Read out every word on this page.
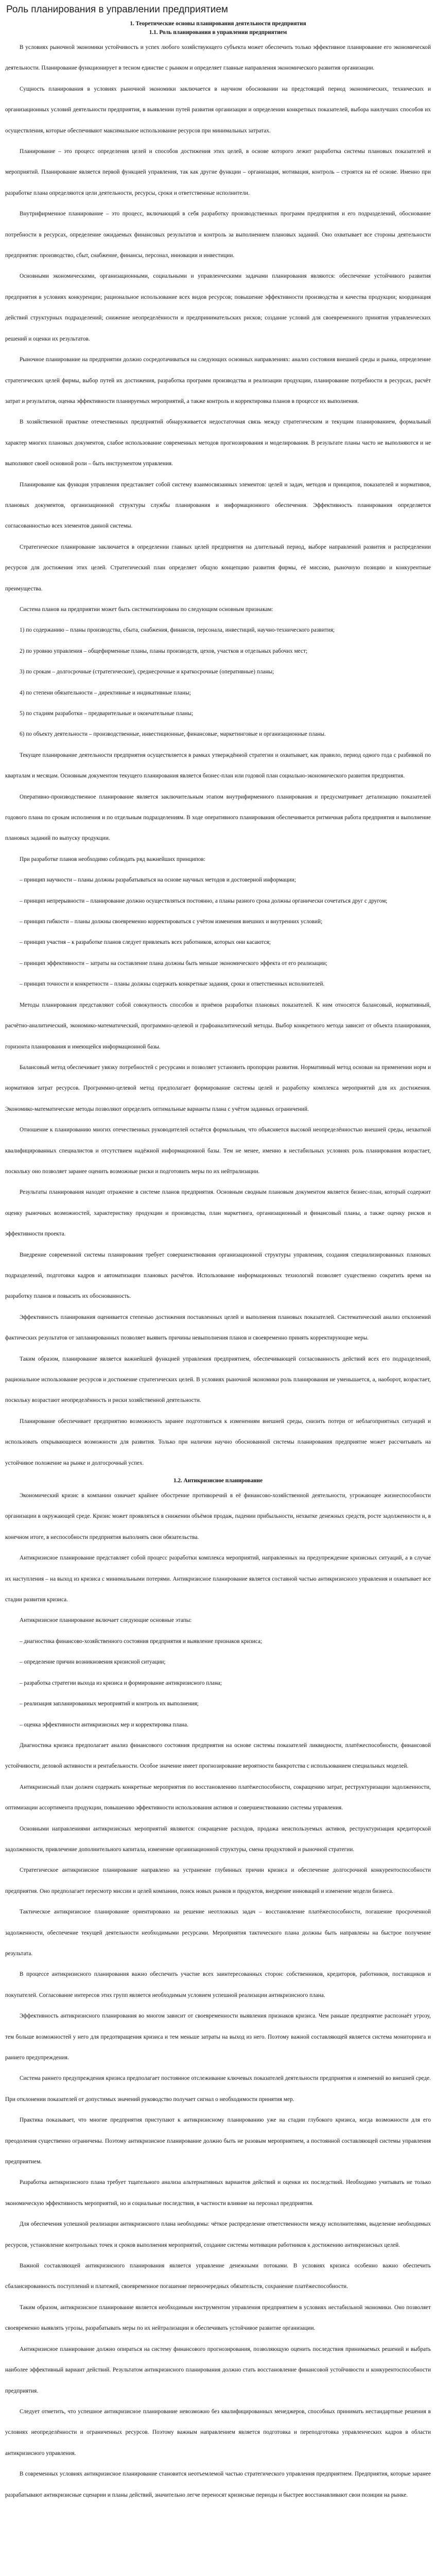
Роль планирования в управлении предприятием
1. Теоретические основы планирования деятельности предприятия
1.1. Роль планирования в управлении предприятием

В условиях рыночной экономики устойчивость и успех любого хозяйствующего субъекта может обеспечить только эффективное планирование его экономической деятельности. Планирование функционирует в тесном единстве с рынком и определяет главные направления экономического развития организации.

Сущность планирования в условиях рыночной экономики заключается в научном обосновании на предстоящий период экономических, технических и организационных условий деятельности предприятия, в выявлении путей развития организации и определении конкретных показателей, выбора наилучших способов их осуществления, которые обеспечивают максимальное использование ресурсов при минимальных затратах.

Планирование – это процесс определения целей и способов достижения этих целей, в основе которого лежит разработка системы плановых показателей и мероприятий. Планирование является первой функцией управления, так как другие функции – организация, мотивация, контроль – строятся на её основе. Именно при разработке плана определяются цели деятельности, ресурсы, сроки и ответственные исполнители.

Внутрифирменное планирование – это процесс, включающий в себя разработку производственных программ предприятия и его подразделений, обоснование потребности в ресурсах, определение ожидаемых финансовых результатов и контроль за выполнением плановых заданий. Оно охватывает все стороны деятельности предприятия: производство, сбыт, снабжение, финансы, персонал, инновации и инвестиции.

Основными экономическими, организационными, социальными и управленческими задачами планирования являются: обеспечение устойчивого развития предприятия в условиях конкуренции; рациональное использование всех видов ресурсов; повышение эффективности производства и качества продукции; координация действий структурных подразделений; снижение неопределённости и предпринимательских рисков; создание условий для своевременного принятия управленческих решений и оценки их результатов.

Рыночное планирование на предприятии должно сосредотачиваться на следующих основных направлениях: анализ состояния внешней среды и рынка, определение стратегических целей фирмы, выбор путей их достижения, разработка программ производства и реализации продукции, планирование потребности в ресурсах, расчёт затрат и результатов, оценка эффективности планируемых мероприятий, а также контроль и корректировка планов в процессе их выполнения.

В хозяйственной практике отечественных предприятий обнаруживается недостаточная связь между стратегическим и текущим планированием, формальный характер многих плановых документов, слабое использование современных методов прогнозирования и моделирования. В результате планы часто не выполняются и не выполняют своей основной роли – быть инструментом управления.

Планирование как функция управления представляет собой систему взаимосвязанных элементов: целей и задач, методов и принципов, показателей и нормативов, плановых документов, организационной структуры службы планирования и информационного обеспечения. Эффективность планирования определяется согласованностью всех элементов данной системы.

Стратегическое планирование заключается в определении главных целей предприятия на длительный период, выборе направлений развития и распределении ресурсов для достижения этих целей. Стратегический план определяет общую концепцию развития фирмы, её миссию, рыночную позицию и конкурентные преимущества.

Система планов на предприятии может быть систематизирована по следующим основным признакам:

1) по содержанию – планы производства, сбыта, снабжения, финансов, персонала, инвестиций, научно-технического развития;

2) по уровню управления – общефирменные планы, планы производств, цехов, участков и отдельных рабочих мест;

3) по срокам – долгосрочные (стратегические), среднесрочные и краткосрочные (оперативные) планы;

4) по степени обязательности – директивные и индикативные планы;

5) по стадиям разработки – предварительные и окончательные планы;

6) по объекту деятельности – производственные, инвестиционные, финансовые, маркетинговые и организационные планы.

Текущее планирование деятельности предприятия осуществляется в рамках утверждённой стратегии и охватывает, как правило, период одного года с разбивкой по кварталам и месяцам. Основным документом текущего планирования является бизнес-план или годовой план социально-экономического развития предприятия.

Оперативно-производственное планирование является заключительным этапом внутрифирменного планирования и предусматривает детализацию показателей годового плана по срокам исполнения и по отдельным подразделениям. В ходе оперативного планирования обеспечивается ритмичная работа предприятия и выполнение плановых заданий по выпуску продукции.

При разработке планов необходимо соблюдать ряд важнейших принципов:

– принцип научности – планы должны разрабатываться на основе научных методов и достоверной информации;
– принцип непрерывности – планирование должно осуществляться постоянно, а планы разного срока должны органически сочетаться друг с другом;
– принцип гибкости – планы должны своевременно корректироваться с учётом изменения внешних и внутренних условий;
– принцип участия – к разработке планов следует привлекать всех работников, которых они касаются;
– принцип эффективности – затраты на составление плана должны быть меньше экономического эффекта от его реализации;
– принцип точности и конкретности – планы должны содержать конкретные задания, сроки и ответственных исполнителей.

Методы планирования представляют собой совокупность способов и приёмов разработки плановых показателей. К ним относятся балансовый, нормативный, расчётно-аналитический, экономико-математический, программно-целевой и графоаналитический методы. Выбор конкретного метода зависит от объекта планирования, горизонта планирования и имеющейся информационной базы.

Балансовый метод обеспечивает увязку потребностей с ресурсами и позволяет установить пропорции развития. Нормативный метод основан на применении норм и нормативов затрат ресурсов. Программно-целевой метод предполагает формирование системы целей и разработку комплекса мероприятий для их достижения. Экономико-математические методы позволяют определить оптимальные варианты плана с учётом заданных ограничений.

Отношение к планированию многих отечественных руководителей остаётся формальным, что объясняется высокой неопределённостью внешней среды, нехваткой квалифицированных специалистов и отсутствием надёжной информационной базы. Тем не менее, именно в нестабильных условиях роль планирования возрастает, поскольку оно позволяет заранее оценить возможные риски и подготовить меры по их нейтрализации.

Результаты планирования находят отражение в системе планов предприятия. Основным сводным плановым документом является бизнес-план, который содержит оценку рыночных возможностей, характеристику продукции и производства, план маркетинга, организационный и финансовый планы, а также оценку рисков и эффективности проекта.

Внедрение современной системы планирования требует совершенствования организационной структуры управления, создания специализированных плановых подразделений, подготовки кадров и автоматизации плановых расчётов. Использование информационных технологий позволяет существенно сократить время на разработку планов и повысить их обоснованность.

Эффективность планирования оценивается степенью достижения поставленных целей и выполнения плановых показателей. Систематический анализ отклонений фактических результатов от запланированных позволяет выявить причины невыполнения планов и своевременно принять корректирующие меры.

Таким образом, планирование является важнейшей функцией управления предприятием, обеспечивающей согласованность действий всех его подразделений, рациональное использование ресурсов и достижение стратегических целей. В условиях рыночной экономики роль планирования не уменьшается, а, наоборот, возрастает, поскольку возрастают неопределённость и риски хозяйственной деятельности.

Планирование обеспечивает предприятию возможность заранее подготовиться к изменениям внешней среды, снизить потери от неблагоприятных ситуаций и использовать открывающиеся возможности для развития. Только при наличии научно обоснованной системы планирования предприятие может рассчитывать на устойчивое положение на рынке и долгосрочный успех.

1.2. Антикризисное планирование

Экономический кризис в компании означает крайнее обострение противоречий в её финансово-хозяйственной деятельности, угрожающее жизнеспособности организации в окружающей среде. Кризис может проявляться в снижении объёмов продаж, падении прибыльности, нехватке денежных средств, росте задолженности и, в конечном итоге, в неспособности предприятия выполнять свои обязательства.

Антикризисное планирование представляет собой процесс разработки комплекса мероприятий, направленных на предупреждение кризисных ситуаций, а в случае их наступления – на выход из кризиса с минимальными потерями. Антикризисное планирование является составной частью антикризисного управления и охватывает все стадии развития кризиса.

Антикризисное планирование включает следующие основные этапы:

– диагностика финансово-хозяйственного состояния предприятия и выявление признаков кризиса;
– определение причин возникновения кризисной ситуации;
– разработка стратегии выхода из кризиса и формирование антикризисного плана;
– реализация запланированных мероприятий и контроль их выполнения;
– оценка эффективности антикризисных мер и корректировка плана.

Диагностика кризиса предполагает анализ финансового состояния предприятия на основе системы показателей ликвидности, платёжеспособности, финансовой устойчивости, деловой активности и рентабельности. Особое значение имеет прогнозирование вероятности банкротства с использованием специальных моделей.

Антикризисный план должен содержать конкретные мероприятия по восстановлению платёжеспособности, сокращению затрат, реструктуризации задолженности, оптимизации ассортимента продукции, повышению эффективности использования активов и совершенствованию системы управления.

Основными направлениями антикризисных мероприятий являются: сокращение расходов, продажа неиспользуемых активов, реструктуризация кредиторской задолженности, привлечение дополнительного капитала, изменение организационной структуры, смена продуктовой и рыночной стратегии.

Стратегическое антикризисное планирование направлено на устранение глубинных причин кризиса и обеспечение долгосрочной конкурентоспособности предприятия. Оно предполагает пересмотр миссии и целей компании, поиск новых рынков и продуктов, внедрение инноваций и изменение модели бизнеса.

Тактическое антикризисное планирование ориентировано на решение неотложных задач – восстановление платёжеспособности, погашение просроченной задолженности, обеспечение текущей деятельности необходимыми ресурсами. Мероприятия тактического плана должны быть направлены на быстрое получение результата.

В процессе антикризисного планирования важно обеспечить участие всех заинтересованных сторон: собственников, кредиторов, работников, поставщиков и покупателей. Согласование интересов этих групп является необходимым условием успешной реализации антикризисного плана.

Эффективность антикризисного планирования во многом зависит от своевременности выявления признаков кризиса. Чем раньше предприятие распознаёт угрозу, тем больше возможностей у него для предотвращения кризиса и тем меньше затраты на выход из него. Поэтому важной составляющей является система мониторинга и раннего предупреждения.

Система раннего предупреждения кризиса предполагает постоянное отслеживание ключевых показателей деятельности предприятия и изменений во внешней среде. При отклонении показателей от допустимых значений руководство получает сигнал о необходимости принятия мер.

Практика показывает, что многие предприятия приступают к антикризисному планированию уже на стадии глубокого кризиса, когда возможности для его преодоления существенно ограничены. Поэтому антикризисное планирование должно быть не разовым мероприятием, а постоянной составляющей системы управления предприятием.

Разработка антикризисного плана требует тщательного анализа альтернативных вариантов действий и оценки их последствий. Необходимо учитывать не только экономическую эффективность мероприятий, но и социальные последствия, в частности влияние на персонал предприятия.

Для обеспечения успешной реализации антикризисного плана необходимы: чёткое распределение ответственности между исполнителями, выделение необходимых ресурсов, установление контрольных точек и сроков выполнения мероприятий, создание системы мотивации работников к достижению антикризисных целей.

Важной составляющей антикризисного планирования является управление денежными потоками. В условиях кризиса особенно важно обеспечить сбалансированность поступлений и платежей, своевременное погашение первоочередных обязательств, сохранение платёжеспособности.

Таким образом, антикризисное планирование является необходимым инструментом управления предприятием в условиях нестабильной экономики. Оно позволяет своевременно выявлять угрозы, разрабатывать меры по их нейтрализации и обеспечивать устойчивое развитие организации.

Антикризисное планирование должно опираться на систему финансового прогнозирования, позволяющую оценить последствия принимаемых решений и выбрать наиболее эффективный вариант действий. Результатом антикризисного планирования должно стать восстановление финансовой устойчивости и конкурентоспособности предприятия.

Следует отметить, что успешное антикризисное планирование невозможно без квалифицированных менеджеров, способных принимать нестандартные решения в условиях неопределённости и ограниченных ресурсов. Поэтому важным направлением является подготовка и переподготовка управленческих кадров в области антикризисного управления.

В современных условиях антикризисное планирование становится неотъемлемой частью стратегического управления предприятием. Предприятия, которые заранее разрабатывают антикризисные сценарии и планы действий, значительно легче переносят кризисные периоды и быстрее восстанавливают свои позиции на рынке.
